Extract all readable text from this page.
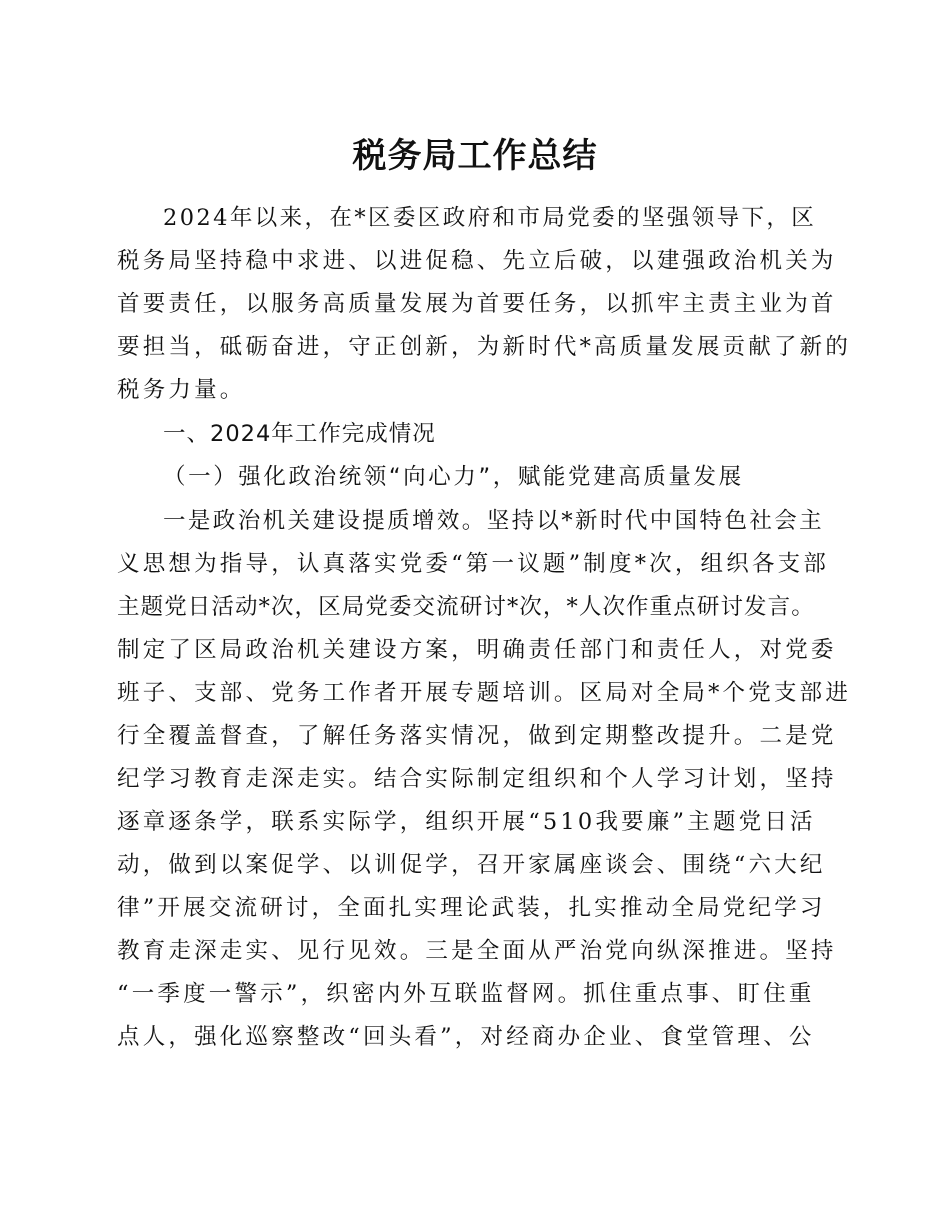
税务局工作总结
2024年以来，在*区委区政府和市局党委的坚强领导下，区
税务局坚持稳中求进、以进促稳、先立后破，以建强政治机关为
首要责任，以服务高质量发展为首要任务，以抓牢主责主业为首
要担当，砥砺奋进，守正创新，为新时代*高质量发展贡献了新的
税务力量。
一、2024年工作完成情况
（一）强化政治统领“向心力”，赋能党建高质量发展
一是政治机关建设提质增效。坚持以*新时代中国特色社会主
义思想为指导，认真落实党委“第一议题”制度*次，组织各支部
主题党日活动*次，区局党委交流研讨*次，*人次作重点研讨发言。
制定了区局政治机关建设方案，明确责任部门和责任人，对党委
班子、支部、党务工作者开展专题培训。区局对全局*个党支部进
行全覆盖督查，了解任务落实情况，做到定期整改提升。二是党
纪学习教育走深走实。结合实际制定组织和个人学习计划，坚持
逐章逐条学，联系实际学，组织开展“510我要廉”主题党日活
动，做到以案促学、以训促学，召开家属座谈会、围绕“六大纪
律”开展交流研讨，全面扎实理论武装，扎实推动全局党纪学习
教育走深走实、见行见效。三是全面从严治党向纵深推进。坚持
“一季度一警示”，织密内外互联监督网。抓住重点事、盯住重
点人，强化巡察整改“回头看”，对经商办企业、食堂管理、公
